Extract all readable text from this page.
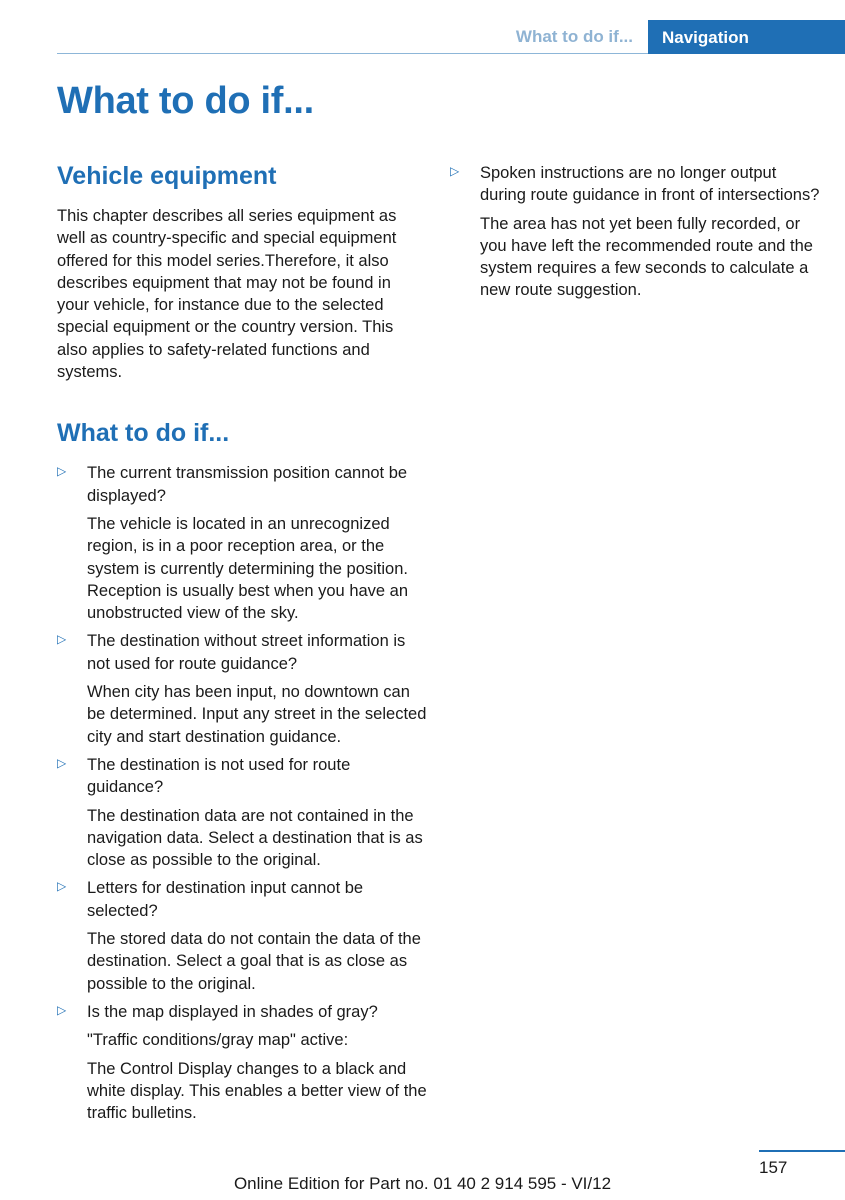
What to do if...	Navigation
What to do if...
Vehicle equipment

This chapter describes all series equipment as well as country-specific and special equipment offered for this model series.Therefore, it also describes equipment that may not be found in your vehicle, for instance due to the selected special equipment or the country version. This also applies to safety-related functions and systems.

What to do if...
▷ The current transmission position cannot be displayed?

The vehicle is located in an unrecognized region, is in a poor reception area, or the system is currently determining the position. Reception is usually best when you have an unobstructed view of the sky.

▷ The destination without street information is not used for route guidance?

When city has been input, no downtown can be determined. Input any street in the selected city and start destination guidance.

▷ The destination is not used for route guidance?

The destination data are not contained in the navigation data. Select a destination that is as close as possible to the original.

▷ Letters for destination input cannot be selected?

The stored data do not contain the data of the destination. Select a goal that is as close as possible to the original.

▷ Is the map displayed in shades of gray?

"Traffic conditions/gray map" active:

The Control Display changes to a black and white display. This enables a better view of the traffic bulletins.

▷ Spoken instructions are no longer output during route guidance in front of intersections?

The area has not yet been fully recorded, or you have left the recommended route and the system requires a few seconds to calculate a new route suggestion.

157
Online Edition for Part no. 01 40 2 914 595 - VI/12
